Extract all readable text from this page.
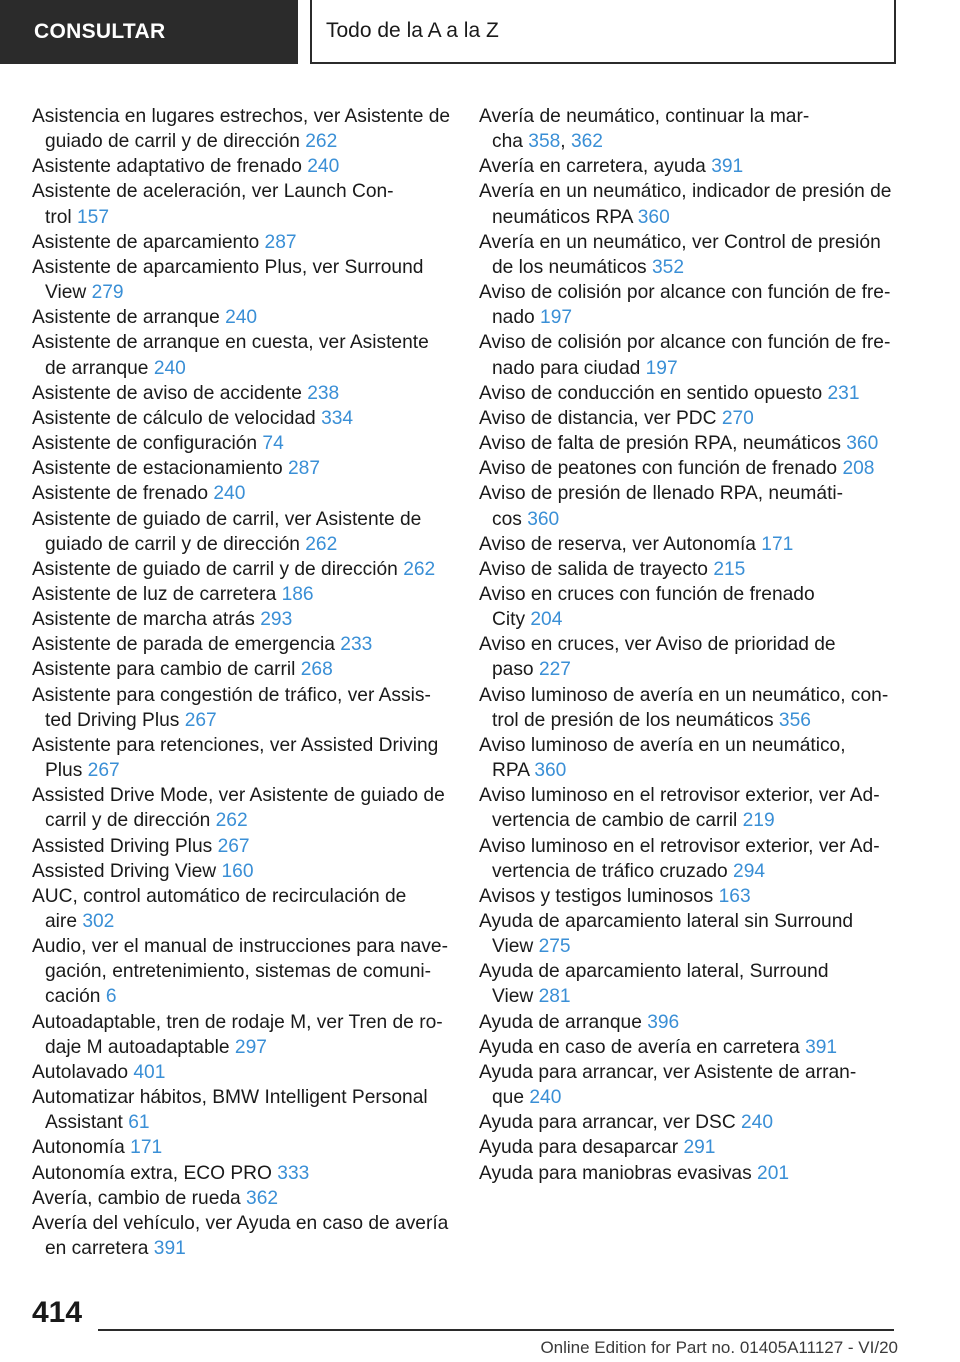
CONSULTAR	Todo de la A a la Z
Asistencia en lugares estrechos, ver Asistente de
guiado de carril y de dirección 262
Asistente adaptativo de frenado 240
Asistente de aceleración, ver Launch Con-
trol 157
Asistente de aparcamiento 287
Asistente de aparcamiento Plus, ver Surround
View 279
Asistente de arranque 240
Asistente de arranque en cuesta, ver Asistente
de arranque 240
Asistente de aviso de accidente 238
Asistente de cálculo de velocidad 334
Asistente de configuración 74
Asistente de estacionamiento 287
Asistente de frenado 240
Asistente de guiado de carril, ver Asistente de
guiado de carril y de dirección 262
Asistente de guiado de carril y de dirección 262
Asistente de luz de carretera 186
Asistente de marcha atrás 293
Asistente de parada de emergencia 233
Asistente para cambio de carril 268
Asistente para congestión de tráfico, ver Assis-
ted Driving Plus 267
Asistente para retenciones, ver Assisted Driving
Plus 267
Assisted Drive Mode, ver Asistente de guiado de
carril y de dirección 262
Assisted Driving Plus 267
Assisted Driving View 160
AUC, control automático de recirculación de
aire 302
Audio, ver el manual de instrucciones para nave-
gación, entretenimiento, sistemas de comuni-
cación 6
Autoadaptable, tren de rodaje M, ver Tren de ro-
daje M autoadaptable 297
Autolavado 401
Automatizar hábitos, BMW Intelligent Personal
Assistant 61
Autonomía 171
Autonomía extra, ECO PRO 333
Avería, cambio de rueda 362
Avería del vehículo, ver Ayuda en caso de avería
en carretera 391
Avería de neumático, continuar la mar-
cha 358, 362
Avería en carretera, ayuda 391
Avería en un neumático, indicador de presión de
neumáticos RPA 360
Avería en un neumático, ver Control de presión
de los neumáticos 352
Aviso de colisión por alcance con función de fre-
nado 197
Aviso de colisión por alcance con función de fre-
nado para ciudad 197
Aviso de conducción en sentido opuesto 231
Aviso de distancia, ver PDC 270
Aviso de falta de presión RPA, neumáticos 360
Aviso de peatones con función de frenado 208
Aviso de presión de llenado RPA, neumáti-
cos 360
Aviso de reserva, ver Autonomía 171
Aviso de salida de trayecto 215
Aviso en cruces con función de frenado
City 204
Aviso en cruces, ver Aviso de prioridad de
paso 227
Aviso luminoso de avería en un neumático, con-
trol de presión de los neumáticos 356
Aviso luminoso de avería en un neumático,
RPA 360
Aviso luminoso en el retrovisor exterior, ver Ad-
vertencia de cambio de carril 219
Aviso luminoso en el retrovisor exterior, ver Ad-
vertencia de tráfico cruzado 294
Avisos y testigos luminosos 163
Ayuda de aparcamiento lateral sin Surround
View 275
Ayuda de aparcamiento lateral, Surround
View 281
Ayuda de arranque 396
Ayuda en caso de avería en carretera 391
Ayuda para arrancar, ver Asistente de arran-
que 240
Ayuda para arrancar, ver DSC 240
Ayuda para desaparcar 291
Ayuda para maniobras evasivas 201
414
Online Edition for Part no. 01405A11127 - VI/20
